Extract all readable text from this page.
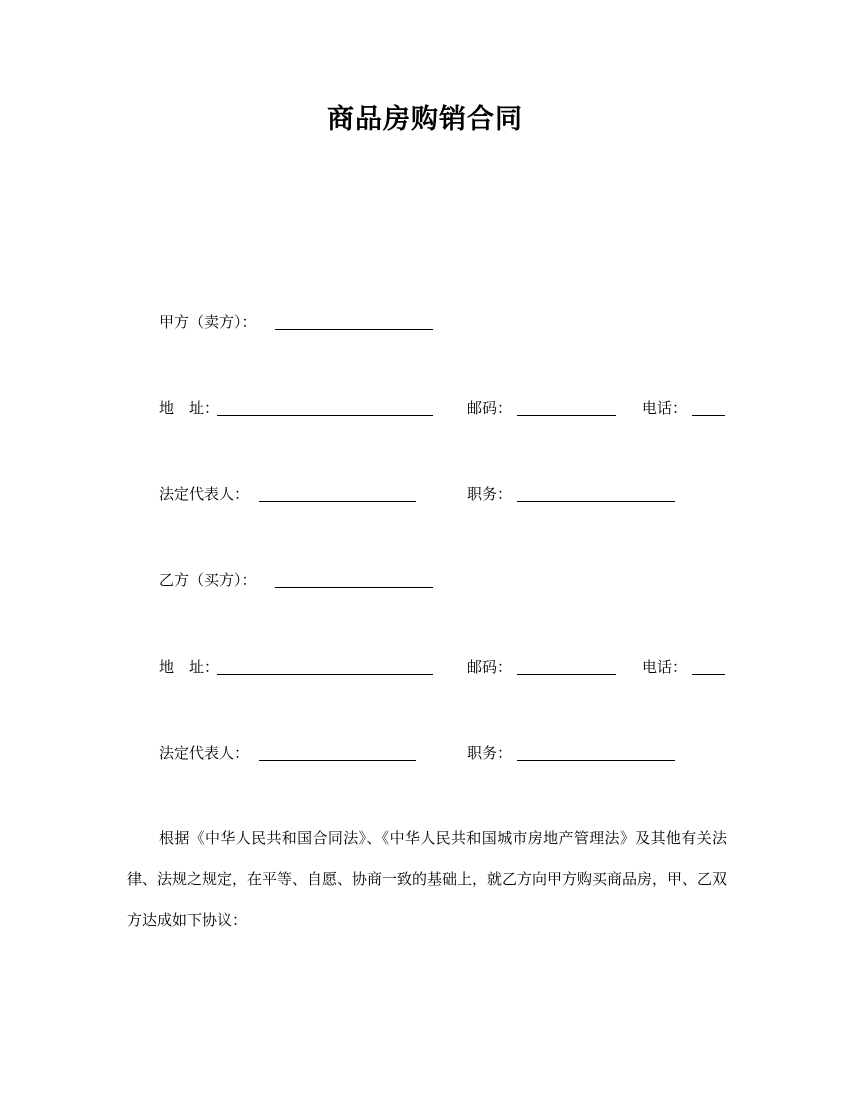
商品房购销合同
甲方（卖方）：
地　址：	邮码：	电话：
法定代表人：	职务：
乙方（买方）：
地　址：	邮码：	电话：
法定代表人：	职务：
根据《中华人民共和国合同法》、《中华人民共和国城市房地产管理法》及其他有关法律、法规之规定，在平等、自愿、协商一致的基础上，就乙方向甲方购买商品房，甲、乙双方达成如下协议：
